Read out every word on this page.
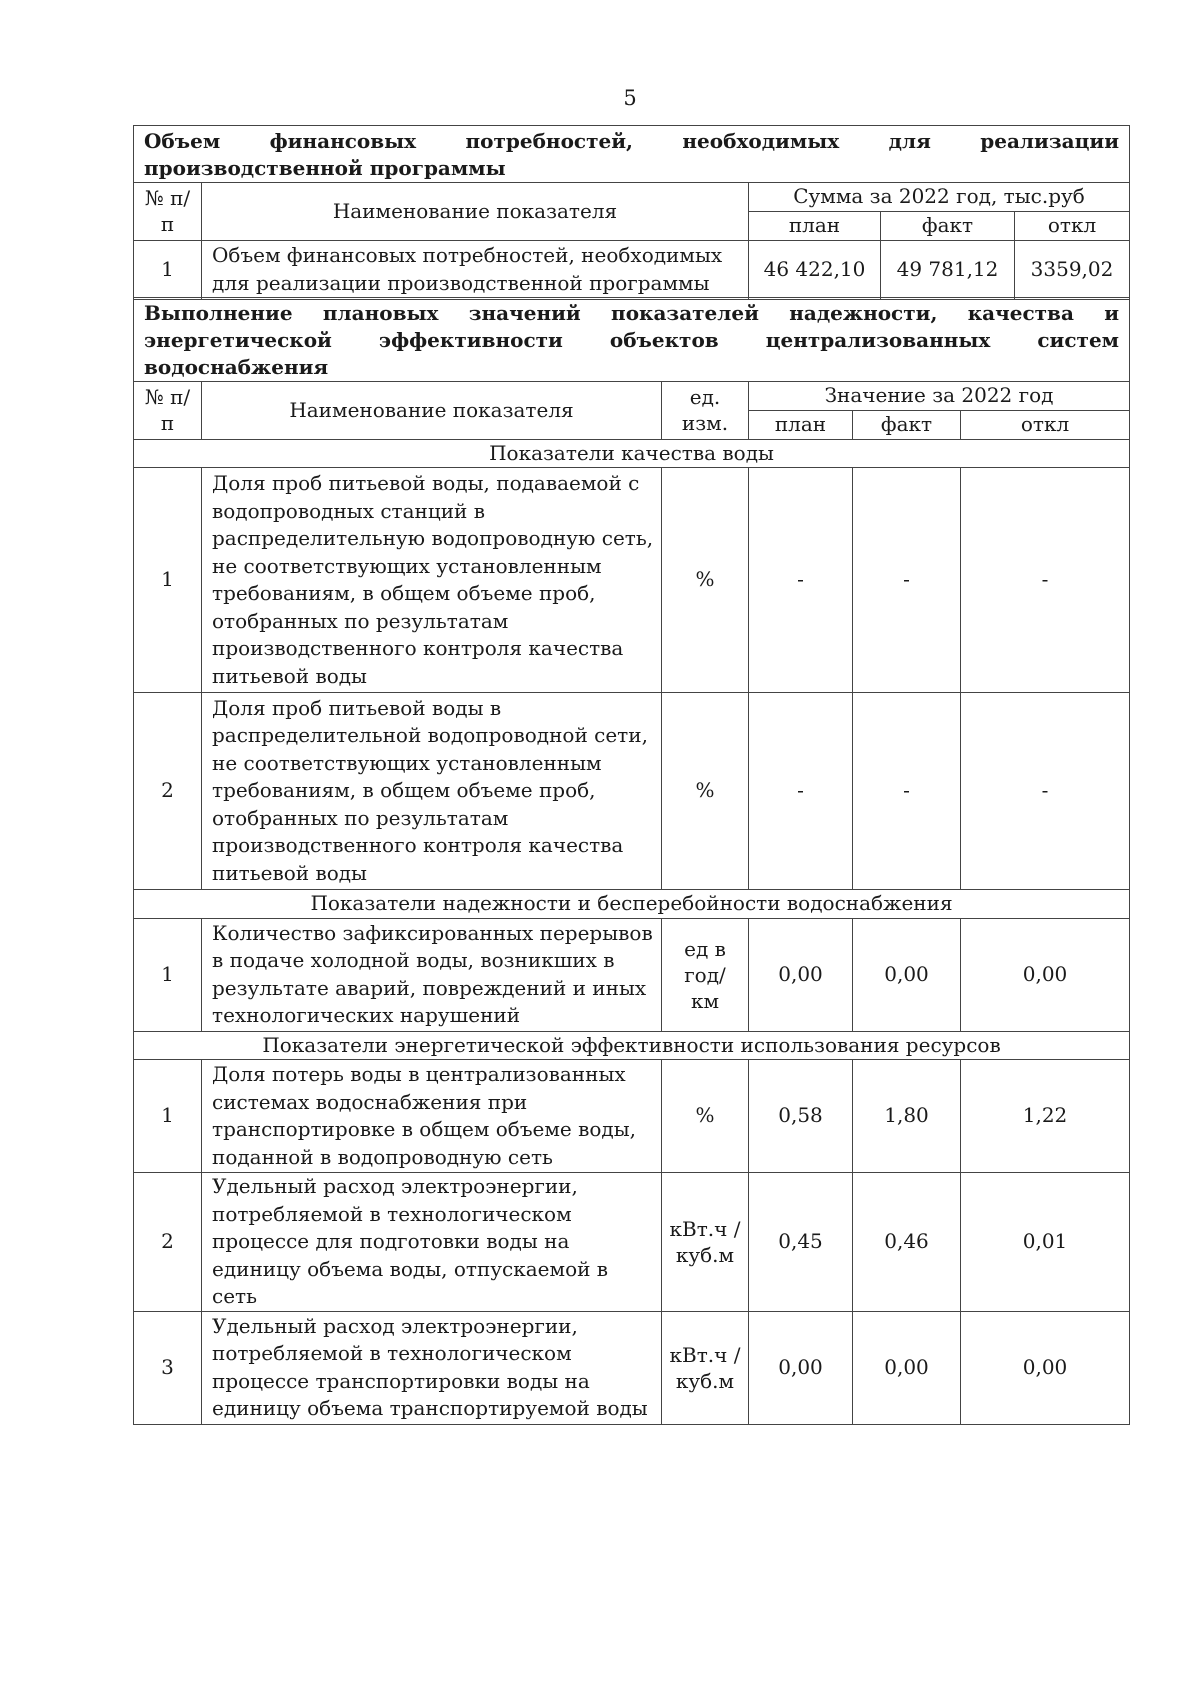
5
Объем финансовых потребностей, необходимых для реализации производственной программы				
№ п/п	Наименование показателя	Сумма за 2022 год, тыс.руб		
		план	факт	откл
1	Объем финансовых потребностей, необходимых для реализации производственной программы	46 422,10	49 781,12	3359,02
Выполнение плановых значений показателей надежности, качества и энергетической эффективности объектов централизованных систем водоснабжения					
№ п/п	Наименование показателя	ед. изм.	Значение за 2022 год		
			план	факт	откл
Показатели качества воды					
1	Доля проб питьевой воды, подаваемой с водопроводных станций в распределительную водопроводную сеть, не соответствующих установленным требованиям, в общем объеме проб, отобранных по результатам производственного контроля качества питьевой воды	%	-	-	-
2	Доля проб питьевой воды в распределительной водопроводной сети, не соответствующих установленным требованиям, в общем объеме проб, отобранных по результатам производственного контроля качества питьевой воды	%	-	-	-
Показатели надежности и бесперебойности водоснабжения					
1	Количество зафиксированных перерывов в подаче холодной воды, возникших в результате аварий, повреждений и иных технологических нарушений	ед в год/ км	0,00	0,00	0,00
Показатели энергетической эффективности использования ресурсов					
1	Доля потерь воды в централизованных системах водоснабжения при транспортировке в общем объеме воды, поданной в водопроводную сеть	%	0,58	1,80	1,22
2	Удельный расход электроэнергии, потребляемой в технологическом процессе для подготовки воды на единицу объема воды, отпускаемой в сеть	кВт.ч / куб.м	0,45	0,46	0,01
3	Удельный расход электроэнергии, потребляемой в технологическом процессе транспортировки воды на единицу объема транспортируемой воды	кВт.ч / куб.м	0,00	0,00	0,00
